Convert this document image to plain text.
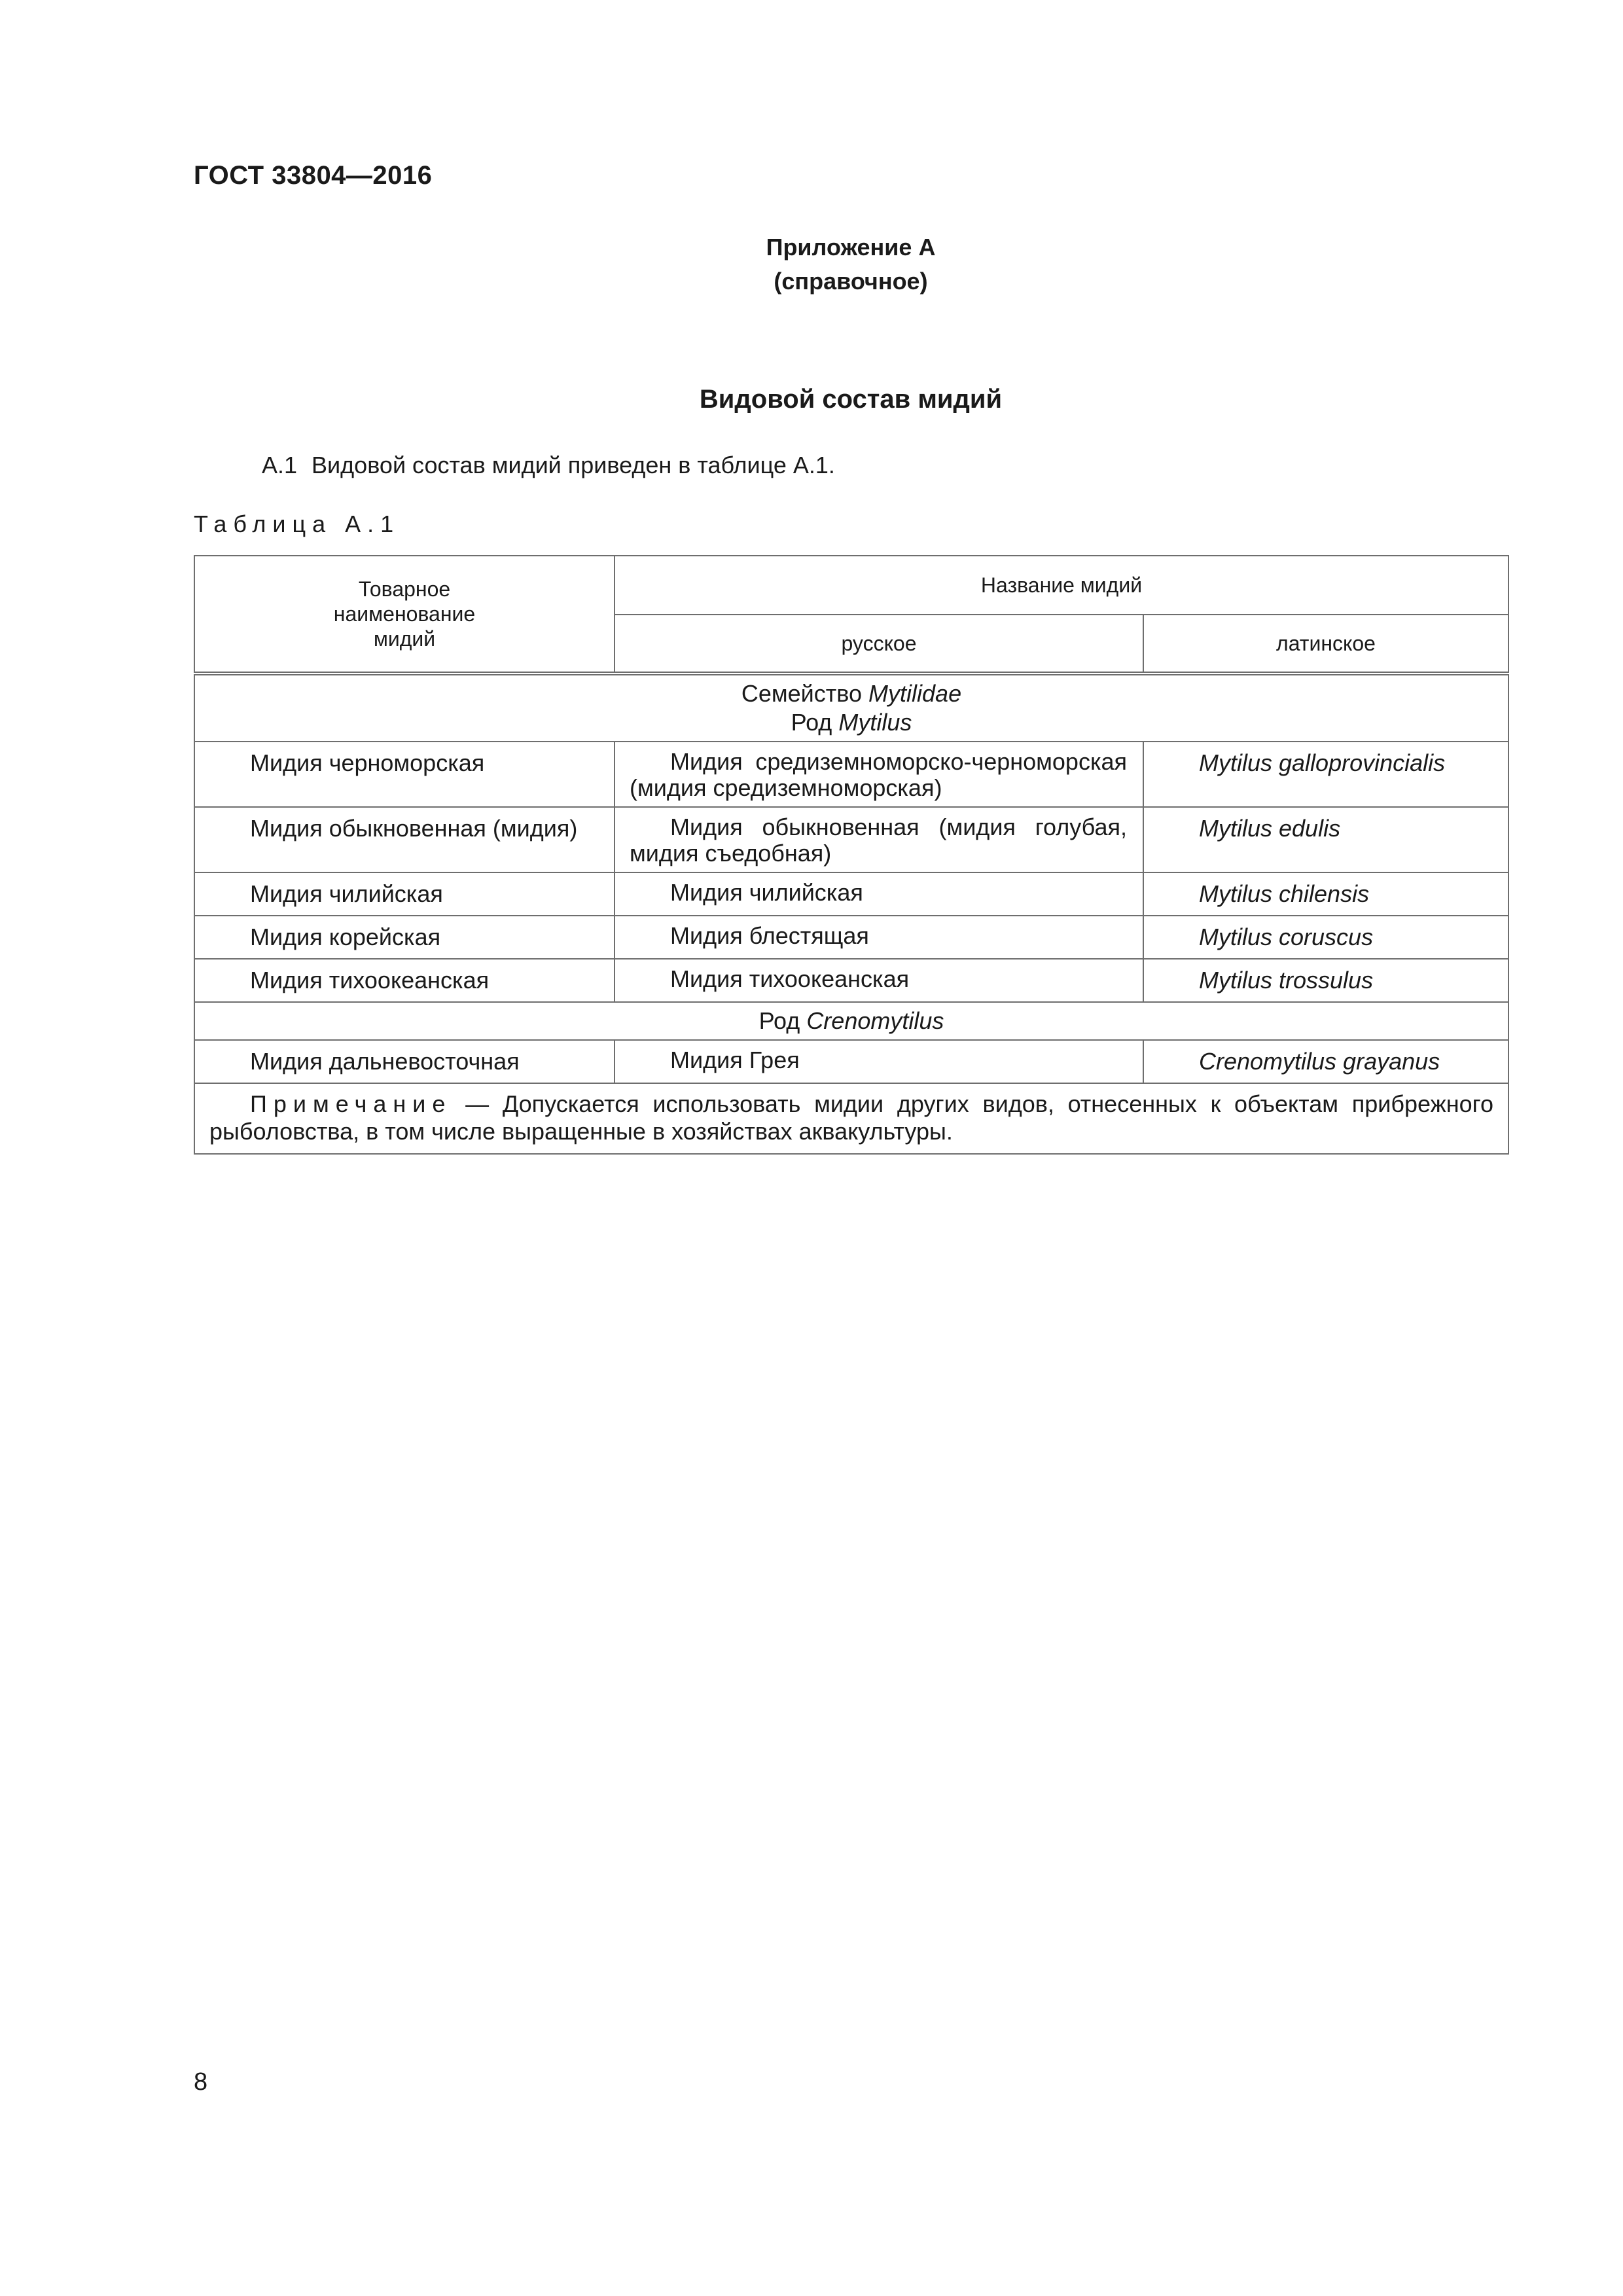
ГОСТ 33804—2016
Приложение А
(справочное)
Видовой состав мидий
А.1 Видовой состав мидий приведен в таблице А.1.
Таблица А.1
Товарное наименование мидий	Название мидий	
	русское	латинское

Семейство Mytilidae
Род Mytilus		

Мидия черноморская	Мидия средиземноморско-черноморская (мидия средиземноморская)	Mytilus galloprovincialis
Мидия обыкновенная (мидия)	Мидия обыкновенная (мидия голубая, мидия съедобная)	Mytilus edulis
Мидия чилийская	Мидия чилийская	Mytilus chilensis
Мидия корейская	Мидия блестящая	Mytilus coruscus
Мидия тихоокеанская	Мидия тихоокеанская	Mytilus trossulus
Род Crenomytilus		
Мидия дальневосточная	Мидия Грея	Crenomytilus grayanus
Примечание — Допускается использовать мидии других видов, отнесенных к объектам прибрежного рыболовства, в том числе выращенные в хозяйствах аквакультуры.		
8
